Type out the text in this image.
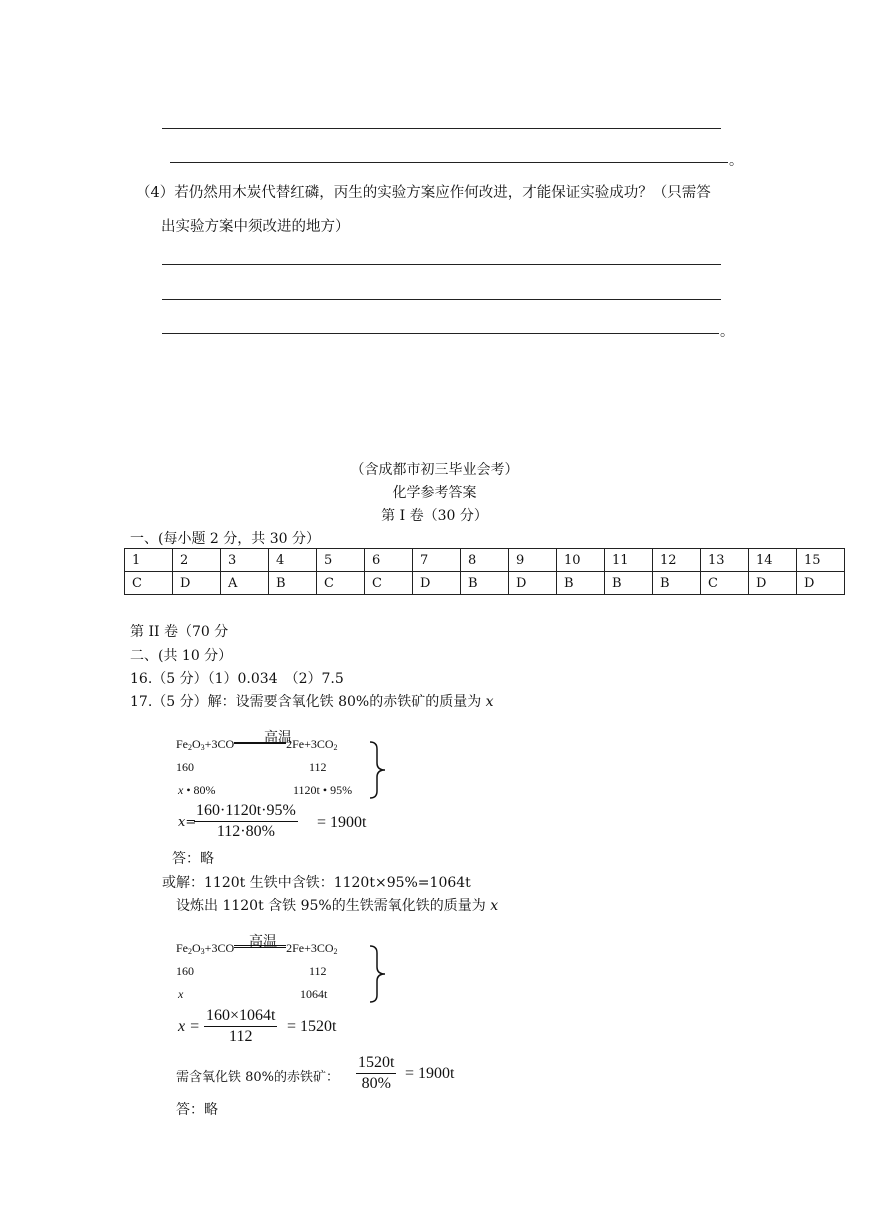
。
（4）若仍然用木炭代替红磷，丙生的实验方案应作何改进，才能保证实验成功？（只需答
出实验方案中须改进的地方）
。
（含成都市初三毕业会考）
化学参考答案
第 I 卷（30 分）
一、(每小题 2 分，共 30 分）
1	2	3	4	5	6	7	8	9	10	11	12	13	14	15
C	D	A	B	C	C	D	B	D	B	B	B	C	D	D
第 II 卷（70 分
二、(共 10 分）
16.（5 分）（1）0.034　（2）7.5
17.（5 分）解：设需要含氧化铁 80%的赤铁矿的质量为 x
$Fe_2O_3+3CO$	$2Fe+3CO_2$
高温
160	112
x • 80%	1120t • 95%
x=
160·1120t·95%
112·80%
= 1900t
答：略
或解：1120t 生铁中含铁：1120t×95%=1064t
设炼出 1120t 含铁 95%的生铁需氧化铁的质量为 x
$Fe_2O_3+3CO$	$2Fe+3CO_2$
高温
160	112
x	1064t
x =
160×1064t
112
= 1520t
需含氧化铁 80%的赤铁矿：
1520t
80%
= 1900t
答：略
